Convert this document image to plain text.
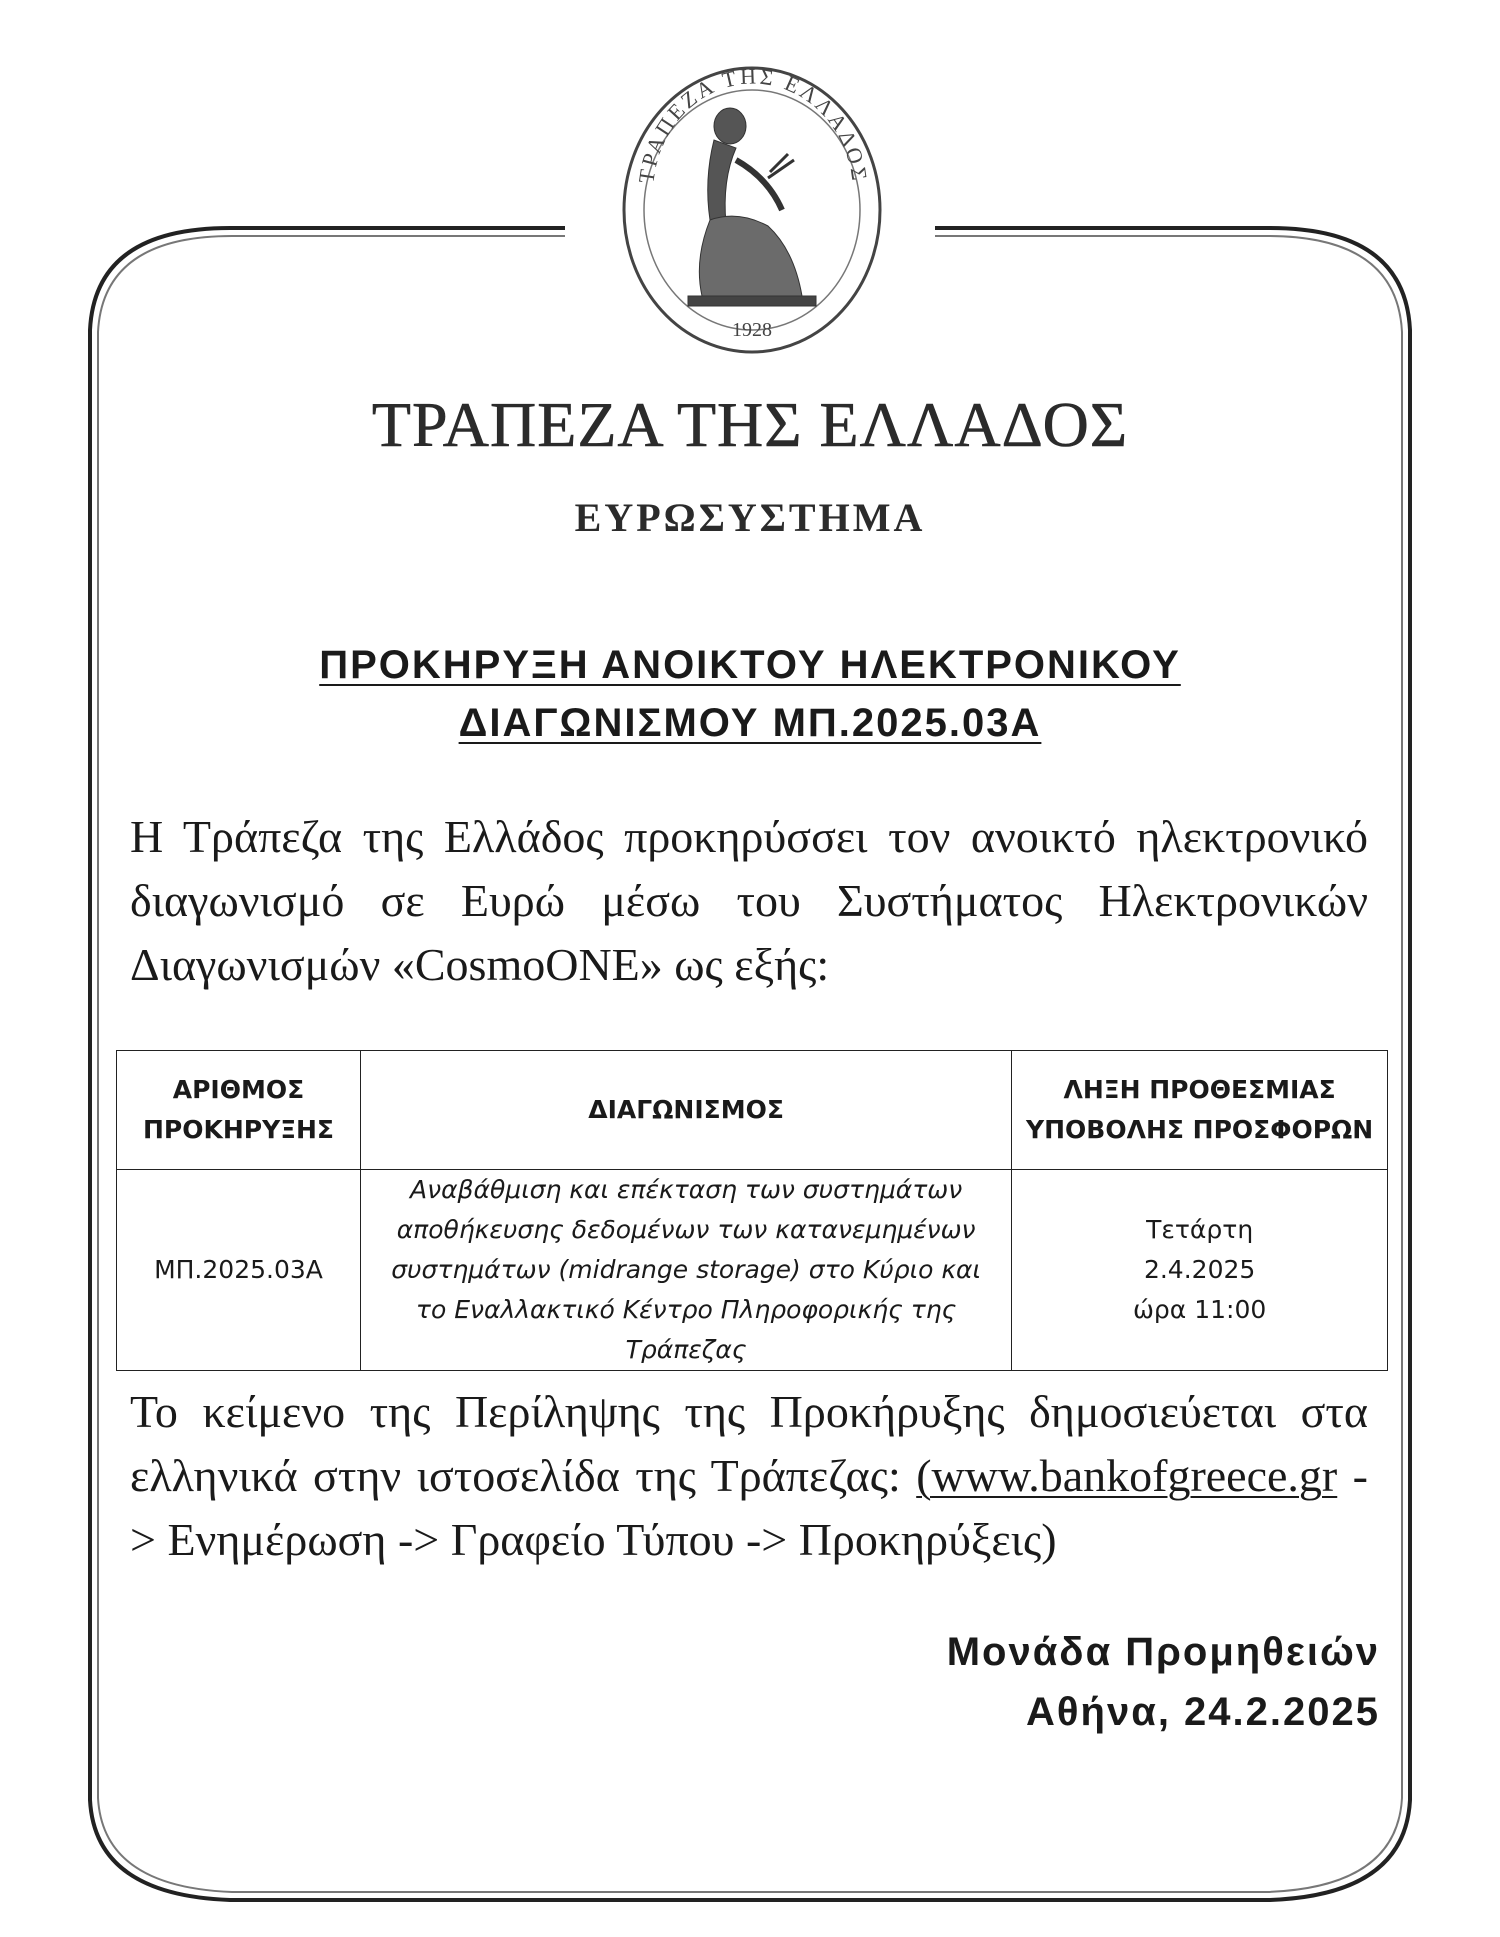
ΤΡΑΠΕΖΑ ΤΗΣ ΕΛΛΑΔΟΣ
1928
ΤΡΑΠΕΖΑ ΤΗΣ ΕΛΛΑΔΟΣ
ΕΥΡΩΣΥΣΤΗΜΑ
ΠΡΟΚΗΡΥΞΗ ΑΝΟΙΚΤΟΥ ΗΛΕΚΤΡΟΝΙΚΟΥ
ΔΙΑΓΩΝΙΣΜΟΥ ΜΠ.2025.03Α
Η Τράπεζα της Ελλάδος προκηρύσσει τον ανοικτό ηλεκτρονικό διαγωνισμό σε Ευρώ μέσω του Συστήματος Ηλεκτρονικών Διαγωνισμών «CosmoONE» ως εξής:
ΑΡΙΘΜΟΣ ΠΡΟΚΗΡΥΞΗΣ	ΔΙΑΓΩΝΙΣΜΟΣ	ΛΗΞΗ ΠΡΟΘΕΣΜΙΑΣ ΥΠΟΒΟΛΗΣ ΠΡΟΣΦΟΡΩΝ
ΜΠ.2025.03Α	Αναβάθμιση και επέκταση των συστημάτων αποθήκευσης δεδομένων των κατανεμημένων συστημάτων (midrange storage) στο Κύριο και το Εναλλακτικό Κέντρο Πληροφορικής της Τράπεζας	Τετάρτη
2.4.2025
ώρα 11:00
Το κείμενο της Περίληψης της Προκήρυξης δημοσιεύεται στα ελληνικά στην ιστοσελίδα της Τράπεζας: (www.bankofgreece.gr -> Ενημέρωση -> Γραφείο Τύπου -> Προκηρύξεις)
Μονάδα Προμηθειών
Αθήνα, 24.2.2025
